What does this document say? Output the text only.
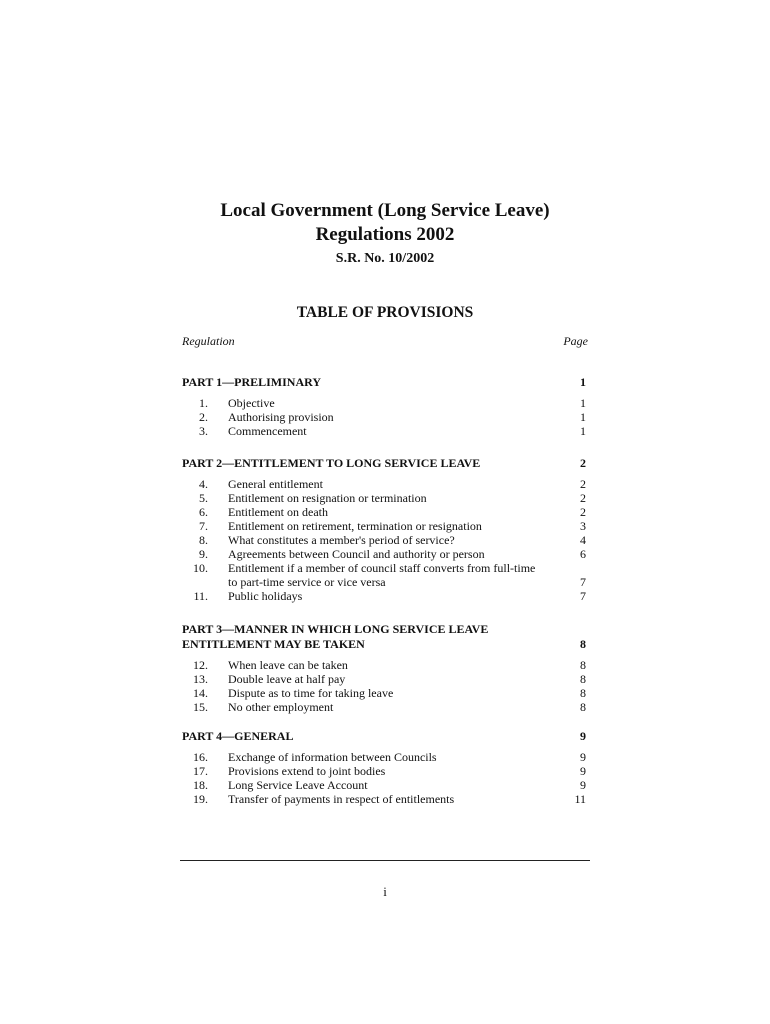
Local Government (Long Service Leave)
Regulations 2002
S.R. No. 10/2002
TABLE OF PROVISIONS
Regulation	Page
PART 1—PRELIMINARY	1
1. Objective	1
2. Authorising provision	1
3. Commencement	1
PART 2—ENTITLEMENT TO LONG SERVICE LEAVE	2
4. General entitlement	2
5. Entitlement on resignation or termination	2
6. Entitlement on death	2
7. Entitlement on retirement, termination or resignation	3
8. What constitutes a member's period of service?	4
9. Agreements between Council and authority or person	6
10. Entitlement if a member of council staff converts from full-time
to part-time service or vice versa	7
11. Public holidays	7
PART 3—MANNER IN WHICH LONG SERVICE LEAVE
ENTITLEMENT MAY BE TAKEN	8
12. When leave can be taken	8
13. Double leave at half pay	8
14. Dispute as to time for taking leave	8
15. No other employment	8
PART 4—GENERAL	9
16. Exchange of information between Councils	9
17. Provisions extend to joint bodies	9
18. Long Service Leave Account	9
19. Transfer of payments in respect of entitlements	11
i
